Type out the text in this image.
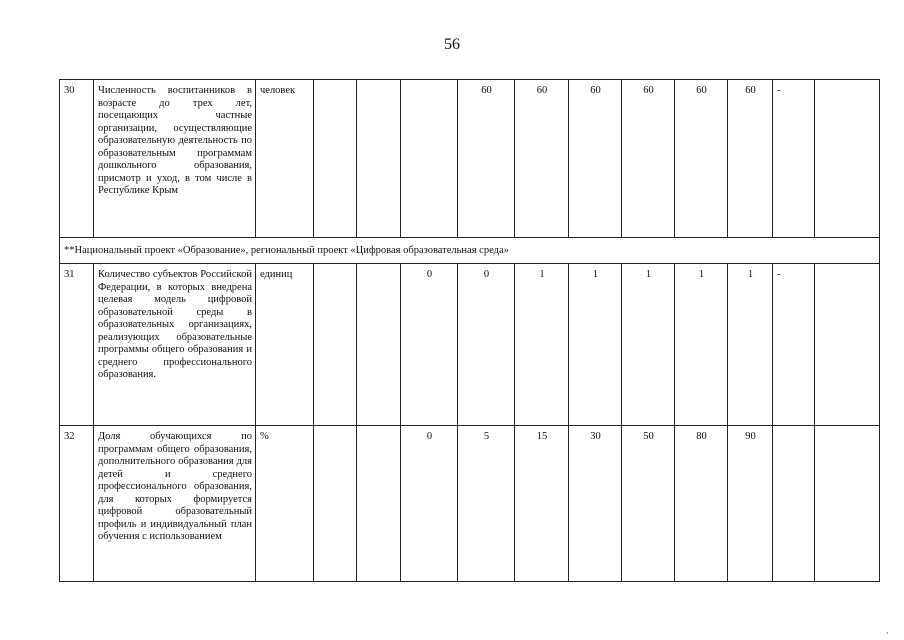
56
30	Численность воспитанников в возрасте до трех лет, посещающих частные организации, осуществляющие образовательную деятельность по образовательным программам дошкольного образования, присмотр и уход, в том числе в Республике Крым	человек				60	60	60	60	60	60	-	
**Национальный проект «Образование», региональный проект «Цифровая образовательная среда»													
31	Количество субъектов Российской Федерации, в которых внедрена целевая модель цифровой образовательной среды в образовательных организациях, реализующих образовательные программы общего образования и среднего профессионального образования.	единиц			0	0	1	1	1	1	1	-	
32	Доля обучающихся по программам общего образования, дополнительного образования для детей и среднего профессионального образования, для которых формируется цифровой образовательный профиль и индивидуальный план обучения с использованием	%			0	5	15	30	50	80	90		
·
